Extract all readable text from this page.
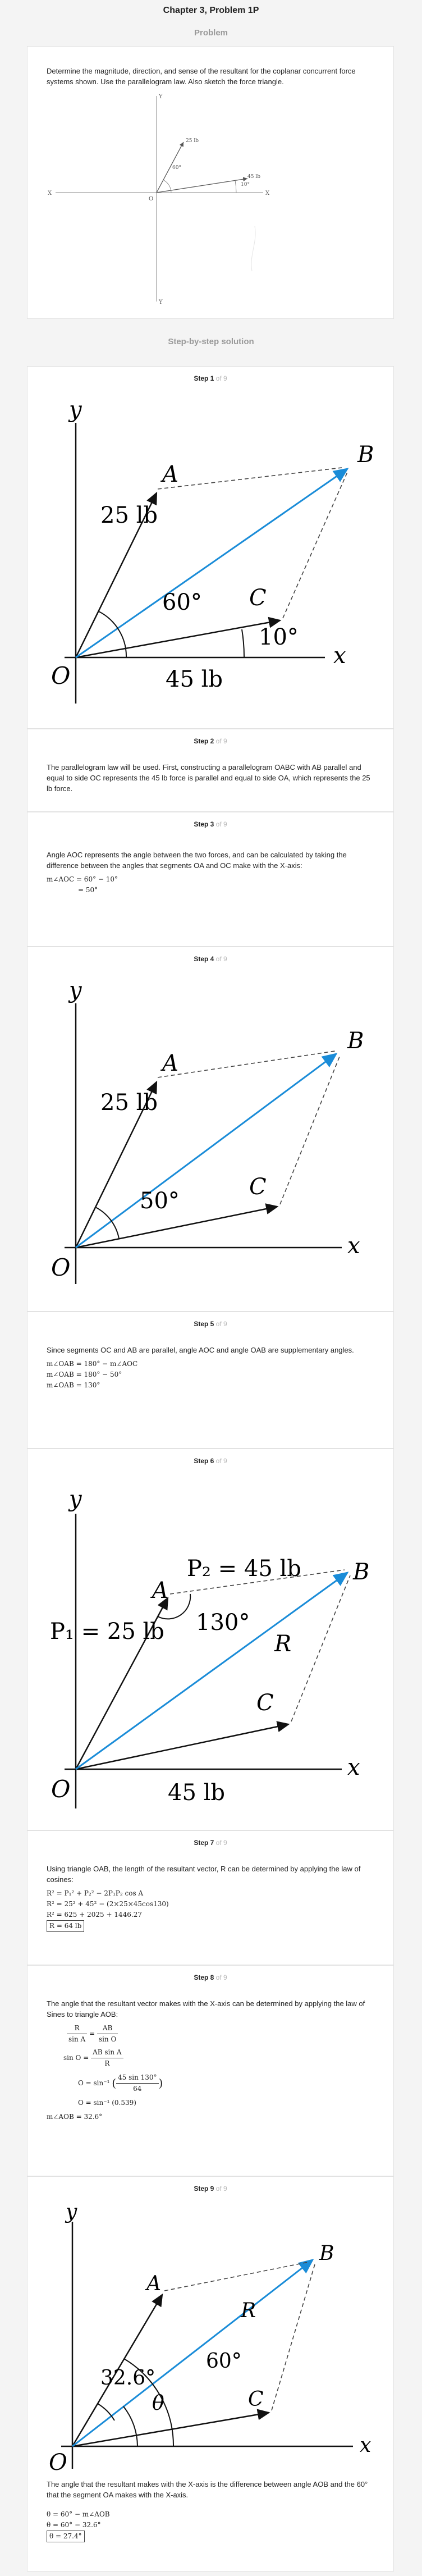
Chapter 3, Problem 1P
Problem
Determine the magnitude, direction, and sense of the resultant for the coplanar concurrent force systems shown. Use the parallelogram law. Also sketch the force triangle.
Y
Y
X	X
O
25 lb
45 lb
60°
10°
Step-by-step solution
Step 1 of 9
y
x
O
A
B
C
25 lb
45 lb
60°
10°
Step 2 of 9
The parallelogram law will be used. First, constructing a parallelogram OABC with AB parallel and equal to side OC represents the 45 lb force is parallel and equal to side OA, which represents the 25 lb force.
Step 3 of 9
Angle AOC represents the angle between the two forces, and can be calculated by taking the difference between the angles that segments OA and OC make with the X-axis:
m∠AOC = 60° − 10°
= 50°
Step 4 of 9
y
x
O
A
B
C
25 lb
50°
Step 5 of 9
Since segments OC and AB are parallel, angle AOC and angle OAB are supplementary angles.
m∠OAB = 180° − m∠AOC
m∠OAB = 180° − 50°
m∠OAB = 130°
Step 6 of 9
y
x
O
A
B
C
R
P₁ = 25 lb
P₂ = 45 lb
45 lb
130°
Step 7 of 9
Using triangle OAB, the length of the resultant vector, R can be determined by applying the law of cosines:
R² = P₁² + P₂² − 2P₁P₂ cos A
R² = 25² + 45² − (2×25×45cos130)
R² = 625 + 2025 + 1446.27
R = 64 lb
Step 8 of 9
The angle that the resultant vector makes with the X-axis can be determined by applying the law of Sines to triangle AOB:
$\frac{R}{\text{sin A}} = \frac{AB}{\text{sin O}}$
$\sin O = \frac{\text{AB sin A}}{R}$
O = sin⁻¹ ( $\frac{45 \sin 130^\circ}{64}$ )
O = sin⁻¹ (0.539)
m∠AOB = 32.6°
Step 9 of 9
y
x
O
A
B
C
R
60°
32.6°
θ
The angle that the resultant makes with the X-axis is the difference between angle AOB and the 60° that the segment OA makes with the X-axis.
θ = 60° − m∠AOB
θ = 60° − 32.6°
θ = 27.4°
